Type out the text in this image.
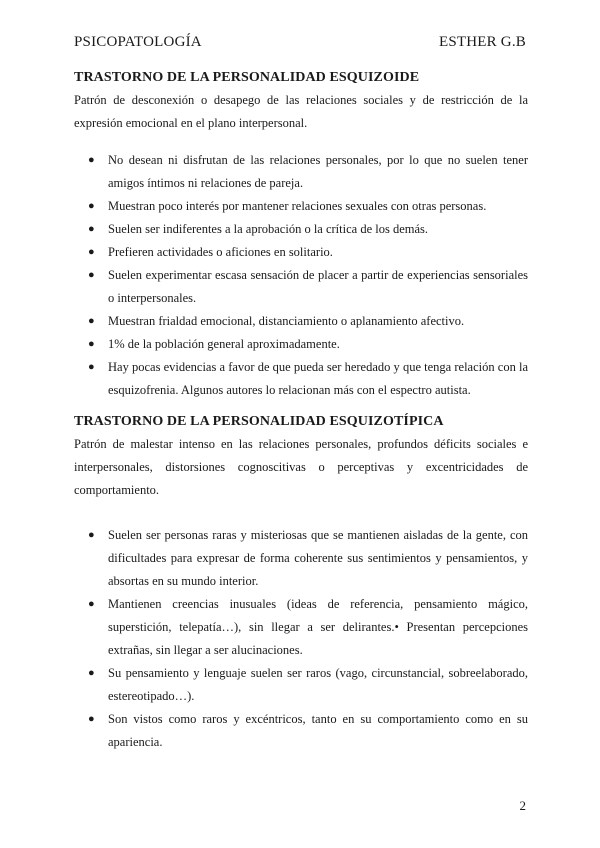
PSICOPATOLOGÍA	ESTHER G.B
TRASTORNO DE LA PERSONALIDAD ESQUIZOIDE

Patrón de desconexión o desapego de las relaciones sociales y de restricción de la expresión emocional en el plano interpersonal.

● No desean ni disfrutan de las relaciones personales, por lo que no suelen tener amigos íntimos ni relaciones de pareja.
● Muestran poco interés por mantener relaciones sexuales con otras personas.
● Suelen ser indiferentes a la aprobación o la crítica de los demás.
● Prefieren actividades o aficiones en solitario.
● Suelen experimentar escasa sensación de placer a partir de experiencias sensoriales o interpersonales.
● Muestran frialdad emocional, distanciamiento o aplanamiento afectivo.
● 1% de la población general aproximadamente.
● Hay pocas evidencias a favor de que pueda ser heredado y que tenga relación con la esquizofrenia. Algunos autores lo relacionan más con el espectro autista.
TRASTORNO DE LA PERSONALIDAD ESQUIZOTÍPICA

Patrón de malestar intenso en las relaciones personales, profundos déficits sociales e interpersonales, distorsiones cognoscitivas o perceptivas y excentricidades de comportamiento.

● Suelen ser personas raras y misteriosas que se mantienen aisladas de la gente, con dificultades para expresar de forma coherente sus sentimientos y pensamientos, y absortas en su mundo interior.
● Mantienen creencias inusuales (ideas de referencia, pensamiento mágico, superstición, telepatía…), sin llegar a ser delirantes.• Presentan percepciones extrañas, sin llegar a ser alucinaciones.
● Su pensamiento y lenguaje suelen ser raros (vago, circunstancial, sobreelaborado, estereotipado…).
● Son vistos como raros y excéntricos, tanto en su comportamiento como en su apariencia.
2
